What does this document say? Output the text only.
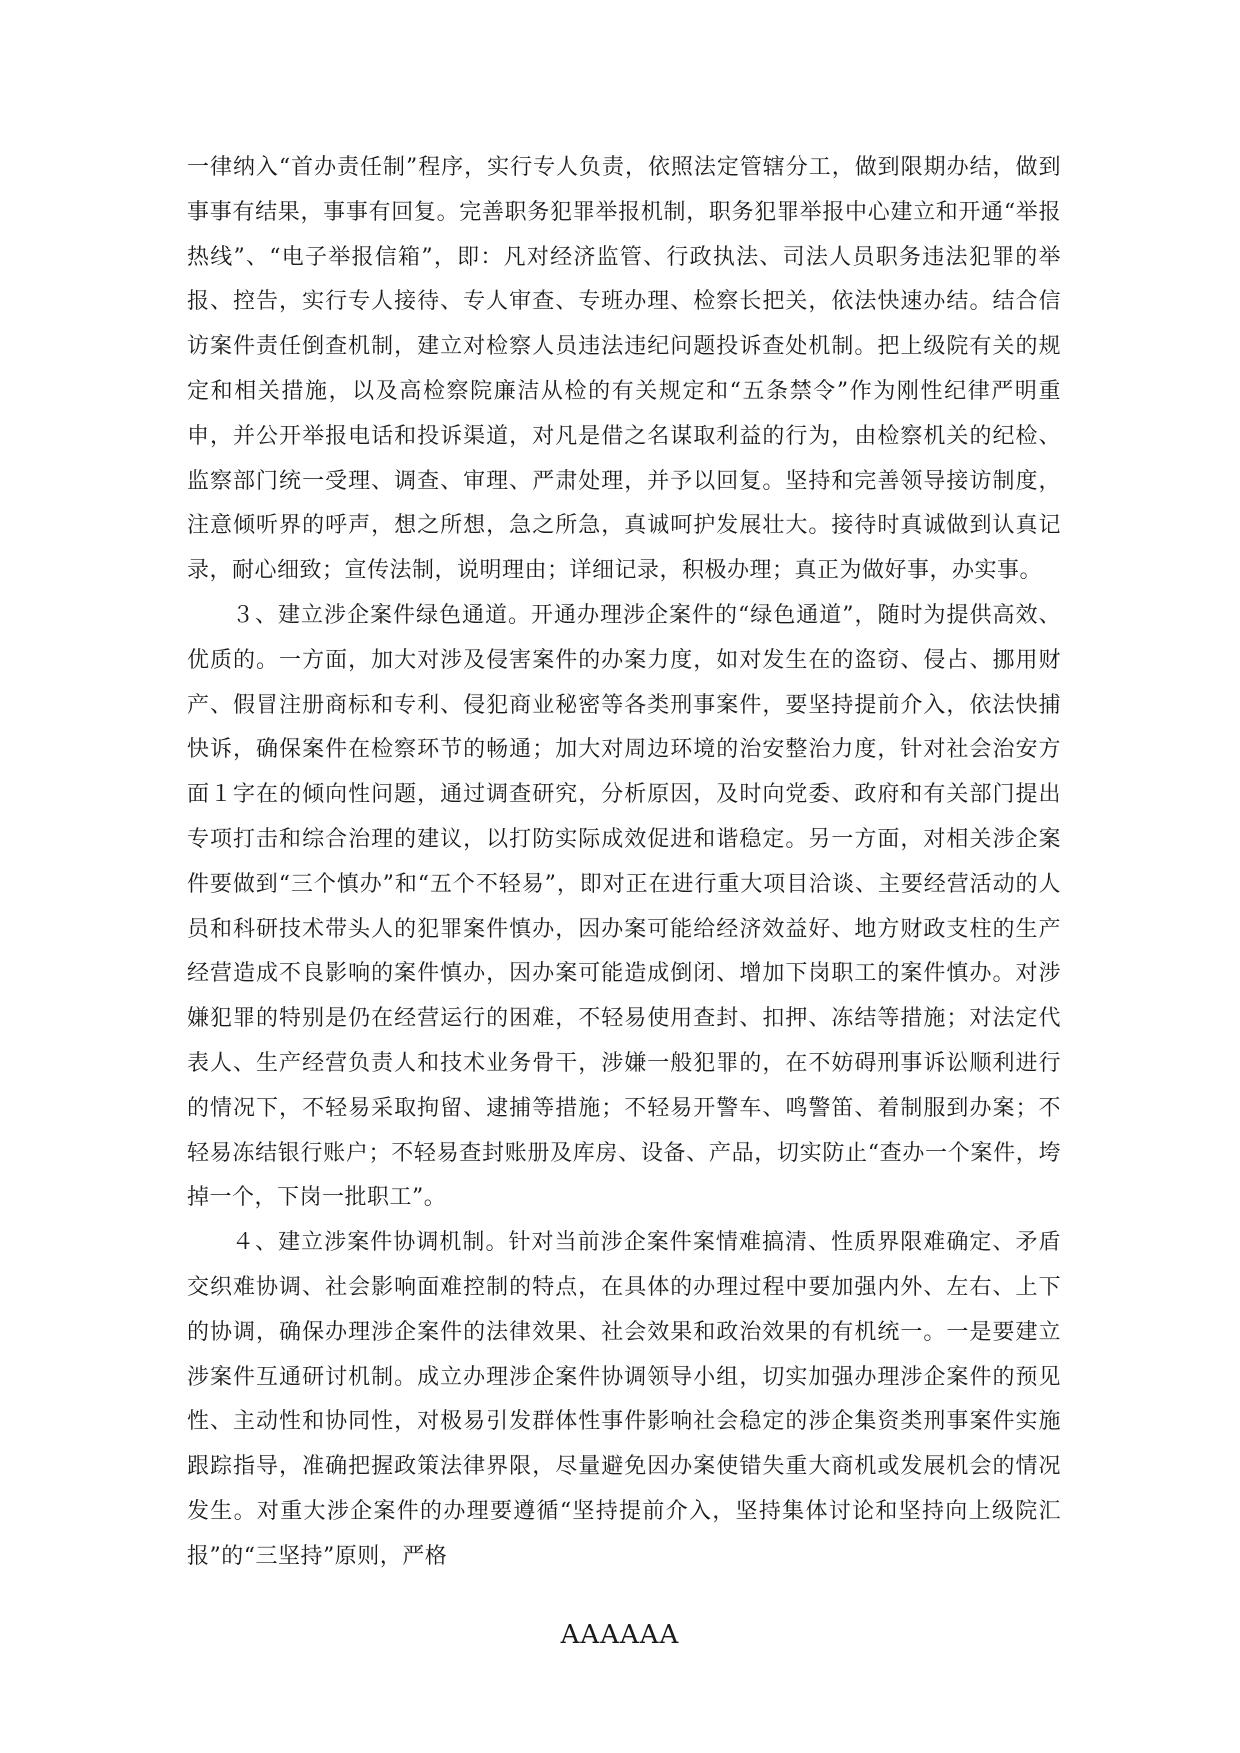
一律纳入“首办责任制”程序，实行专人负责，依照法定管辖分工，做到限期办结，做到事事有结果，事事有回复。完善职务犯罪举报机制，职务犯罪举报中心建立和开通“举报热线”、“电子举报信箱”，即：凡对经济监管、行政执法、司法人员职务违法犯罪的举报、控告，实行专人接待、专人审查、专班办理、检察长把关，依法快速办结。结合信访案件责任倒查机制，建立对检察人员违法违纪问题投诉查处机制。把上级院有关的规定和相关措施，以及高检察院廉洁从检的有关规定和“五条禁令”作为刚性纪律严明重申，并公开举报电话和投诉渠道，对凡是借之名谋取利益的行为，由检察机关的纪检、监察部门统一受理、调查、审理、严肃处理，并予以回复。坚持和完善领导接访制度，注意倾听界的呼声，想之所想，急之所急，真诚呵护发展壮大。接待时真诚做到认真记录，耐心细致；宣传法制，说明理由；详细记录，积极办理；真正为做好事，办实事。

３、建立涉企案件绿色通道。开通办理涉企案件的“绿色通道”，随时为提供高效、优质的。一方面，加大对涉及侵害案件的办案力度，如对发生在的盗窃、侵占、挪用财产、假冒注册商标和专利、侵犯商业秘密等各类刑事案件，要坚持提前介入，依法快捕快诉，确保案件在检察环节的畅通；加大对周边环境的治安整治力度，针对社会治安方面１字在的倾向性问题，通过调查研究，分析原因，及时向党委、政府和有关部门提出专项打击和综合治理的建议，以打防实际成效促进和谐稳定。另一方面，对相关涉企案件要做到“三个慎办”和“五个不轻易”，即对正在进行重大项目洽谈、主要经营活动的人员和科研技术带头人的犯罪案件慎办，因办案可能给经济效益好、地方财政支柱的生产经营造成不良影响的案件慎办，因办案可能造成倒闭、增加下岗职工的案件慎办。对涉嫌犯罪的特别是仍在经营运行的困难，不轻易使用查封、扣押、冻结等措施；对法定代表人、生产经营负责人和技术业务骨干，涉嫌一般犯罪的，在不妨碍刑事诉讼顺利进行的情况下，不轻易采取拘留、逮捕等措施；不轻易开警车、鸣警笛、着制服到办案；不轻易冻结银行账户；不轻易查封账册及库房、设备、产品，切实防止“查办一个案件，垮掉一个，下岗一批职工”。

４、建立涉案件协调机制。针对当前涉企案件案情难搞清、性质界限难确定、矛盾交织难协调、社会影响面难控制的特点，在具体的办理过程中要加强内外、左右、上下的协调，确保办理涉企案件的法律效果、社会效果和政治效果的有机统一。一是要建立涉案件互通研讨机制。成立办理涉企案件协调领导小组，切实加强办理涉企案件的预见性、主动性和协同性，对极易引发群体性事件影响社会稳定的涉企集资类刑事案件实施跟踪指导，准确把握政策法律界限，尽量避免因办案使错失重大商机或发展机会的情况发生。对重大涉企案件的办理要遵循“坚持提前介入，坚持集体讨论和坚持向上级院汇报”的“三坚持”原则，严格

AAAAAA
